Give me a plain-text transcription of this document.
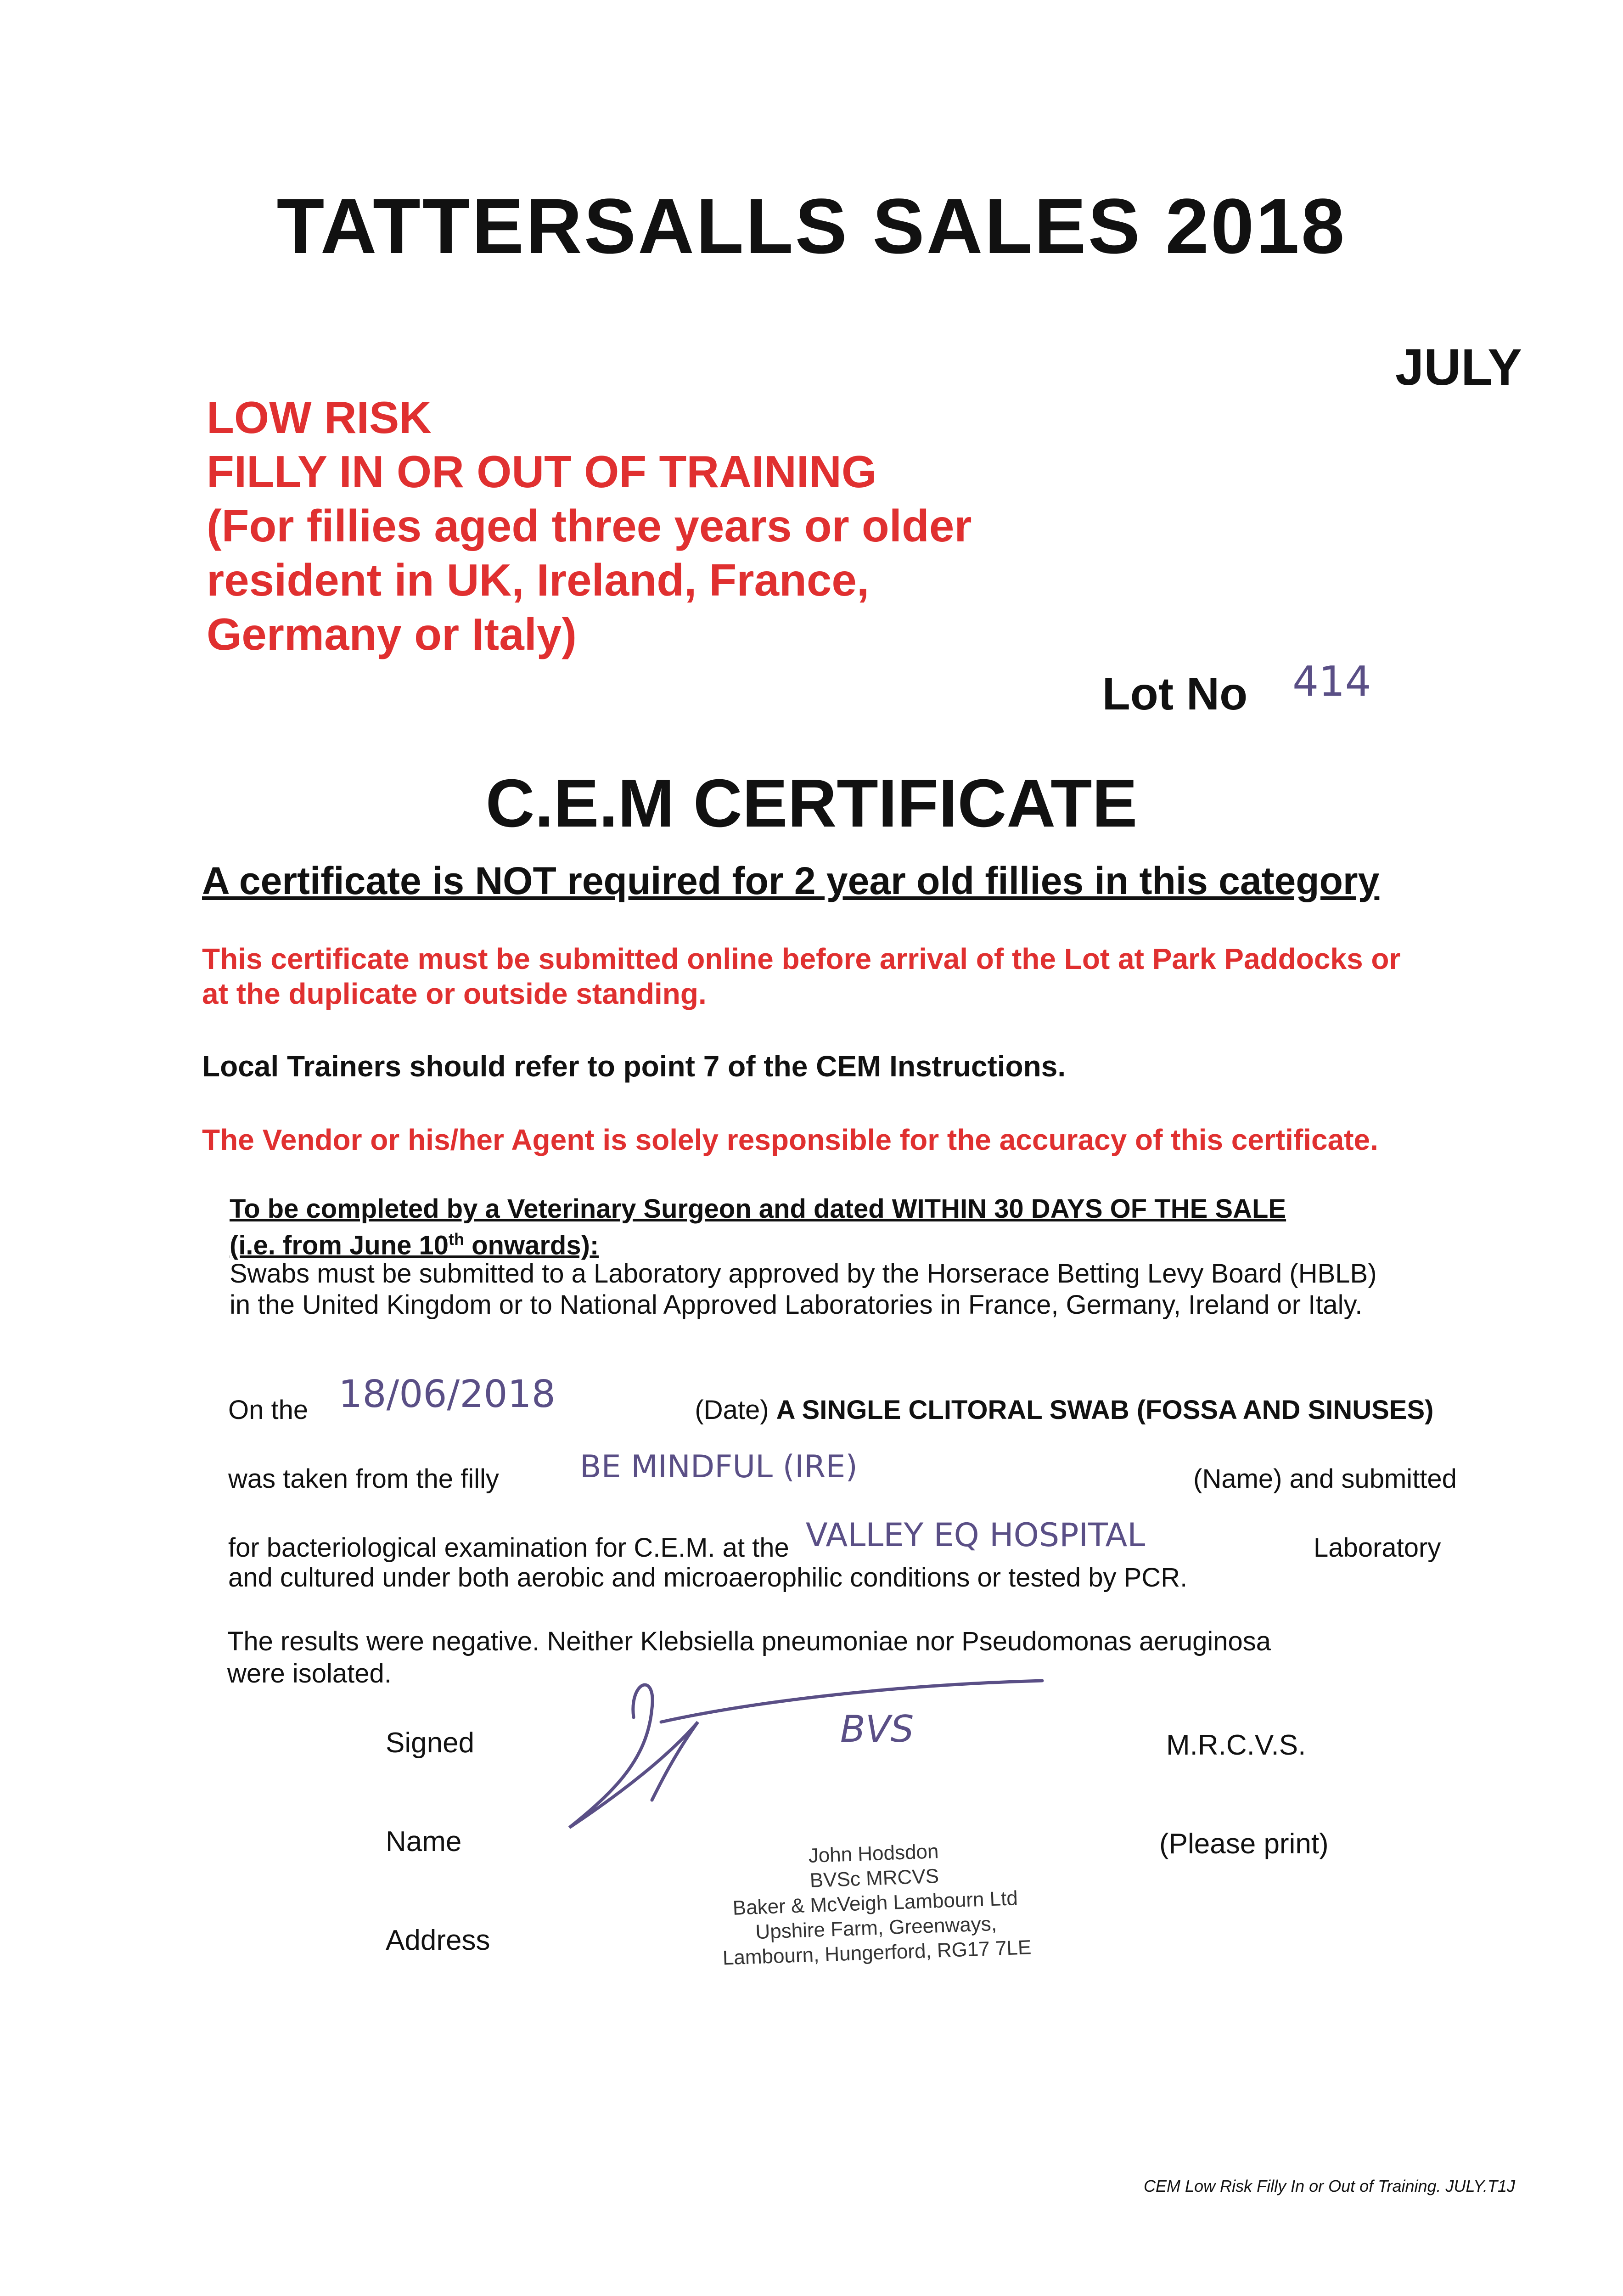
TATTERSALLS SALES 2018
JULY
LOW RISK
FILLY IN OR OUT OF TRAINING
(For fillies aged three years or older
resident in UK, Ireland, France,
Germany or Italy)
Lot No ..... 414
C.E.M CERTIFICATE
A certificate is NOT required for 2 year old fillies in this category
This certificate must be submitted online before arrival of the Lot at Park Paddocks or
at the duplicate or outside standing.
Local Trainers should refer to point 7 of the CEM Instructions.
The Vendor or his/her Agent is solely responsible for the accuracy of this certificate.
To be completed by a Veterinary Surgeon and dated WITHIN 30 DAYS OF THE SALE
(i.e. from June 10th onwards):
Swabs must be submitted to a Laboratory approved by the Horserace Betting Levy Board (HBLB)
in the United Kingdom or to National Approved Laboratories in France, Germany, Ireland or Italy.
On the ..... 18/06/2018	(Date) A SINGLE CLITORAL SWAB (FOSSA AND SINUSES)
was taken from the filly .....	BE MINDFUL (IRE)	(Name) and submitted
for bacteriological examination for C.E.M. at the ..... VALLEY EQ HOSPITAL	Laboratory
and cultured under both aerobic and microaerophilic conditions or tested by PCR.
The results were negative. Neither Klebsiella pneumoniae nor Pseudomonas aeruginosa
were isolated.
Signed
.....	BVS	M.R.C.V.S.
Name .....	(Please print)
Address
.....
.....
.....
John Hodsdon
BVSc MRCVS
Baker & McVeigh Lambourn Ltd
Upshire Farm, Greenways,
Lambourn, Hungerford, RG17 7LE
CEM Low Risk Filly In or Out of Training. JULY.T1J
